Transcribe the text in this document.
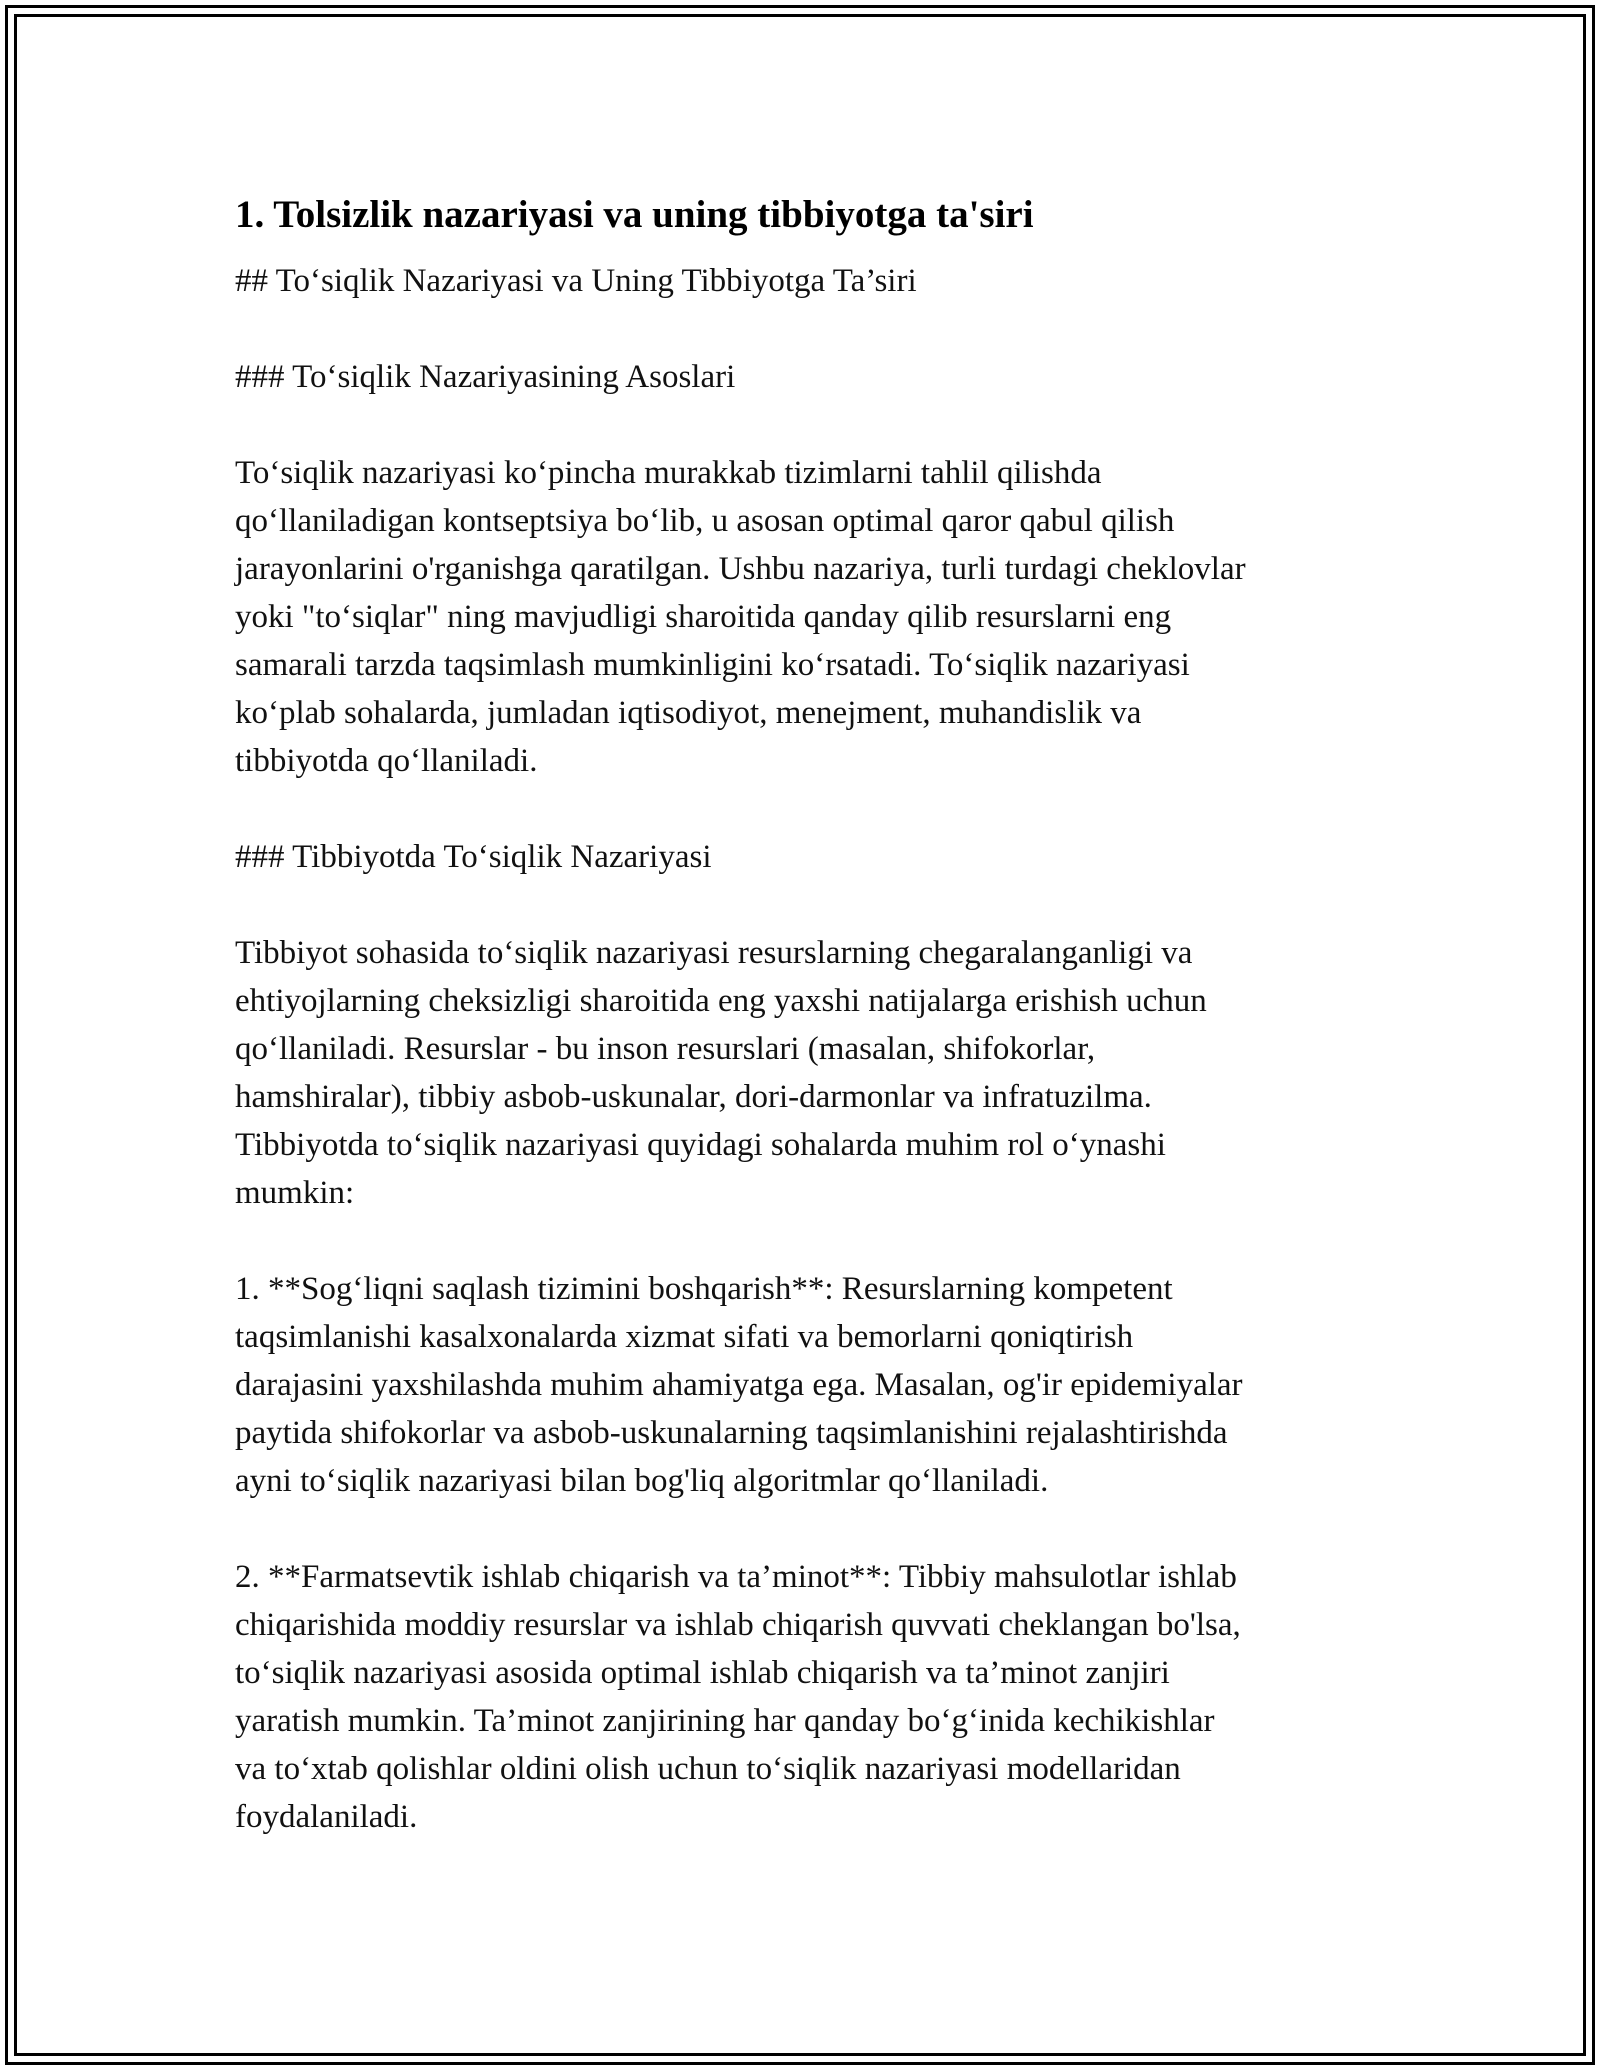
1. Tolsizlik nazariyasi va uning tibbiyotga ta'siri

## To‘siqlik Nazariyasi va Uning Tibbiyotga Ta’siri

### To‘siqlik Nazariyasining Asoslari

To‘siqlik nazariyasi ko‘pincha murakkab tizimlarni tahlil qilishda
qo‘llaniladigan kontseptsiya bo‘lib, u asosan optimal qaror qabul qilish
jarayonlarini o'rganishga qaratilgan. Ushbu nazariya, turli turdagi cheklovlar
yoki "to‘siqlar" ning mavjudligi sharoitida qanday qilib resurslarni eng
samarali tarzda taqsimlash mumkinligini ko‘rsatadi. To‘siqlik nazariyasi
ko‘plab sohalarda, jumladan iqtisodiyot, menejment, muhandislik va
tibbiyotda qo‘llaniladi.

### Tibbiyotda To‘siqlik Nazariyasi

Tibbiyot sohasida to‘siqlik nazariyasi resurslarning chegaralanganligi va
ehtiyojlarning cheksizligi sharoitida eng yaxshi natijalarga erishish uchun
qo‘llaniladi. Resurslar - bu inson resurslari (masalan, shifokorlar,
hamshiralar), tibbiy asbob-uskunalar, dori-darmonlar va infratuzilma.
Tibbiyotda to‘siqlik nazariyasi quyidagi sohalarda muhim rol o‘ynashi
mumkin:

1. **Sog‘liqni saqlash tizimini boshqarish**: Resurslarning kompetent
taqsimlanishi kasalxonalarda xizmat sifati va bemorlarni qoniqtirish
darajasini yaxshilashda muhim ahamiyatga ega. Masalan, og'ir epidemiyalar
paytida shifokorlar va asbob-uskunalarning taqsimlanishini rejalashtirishda
ayni to‘siqlik nazariyasi bilan bog'liq algoritmlar qo‘llaniladi.

2. **Farmatsevtik ishlab chiqarish va ta’minot**: Tibbiy mahsulotlar ishlab
chiqarishida moddiy resurslar va ishlab chiqarish quvvati cheklangan bo'lsa,
to‘siqlik nazariyasi asosida optimal ishlab chiqarish va ta’minot zanjiri
yaratish mumkin. Ta’minot zanjirining har qanday bo‘g‘inida kechikishlar
va to‘xtab qolishlar oldini olish uchun to‘siqlik nazariyasi modellaridan
foydalaniladi.
